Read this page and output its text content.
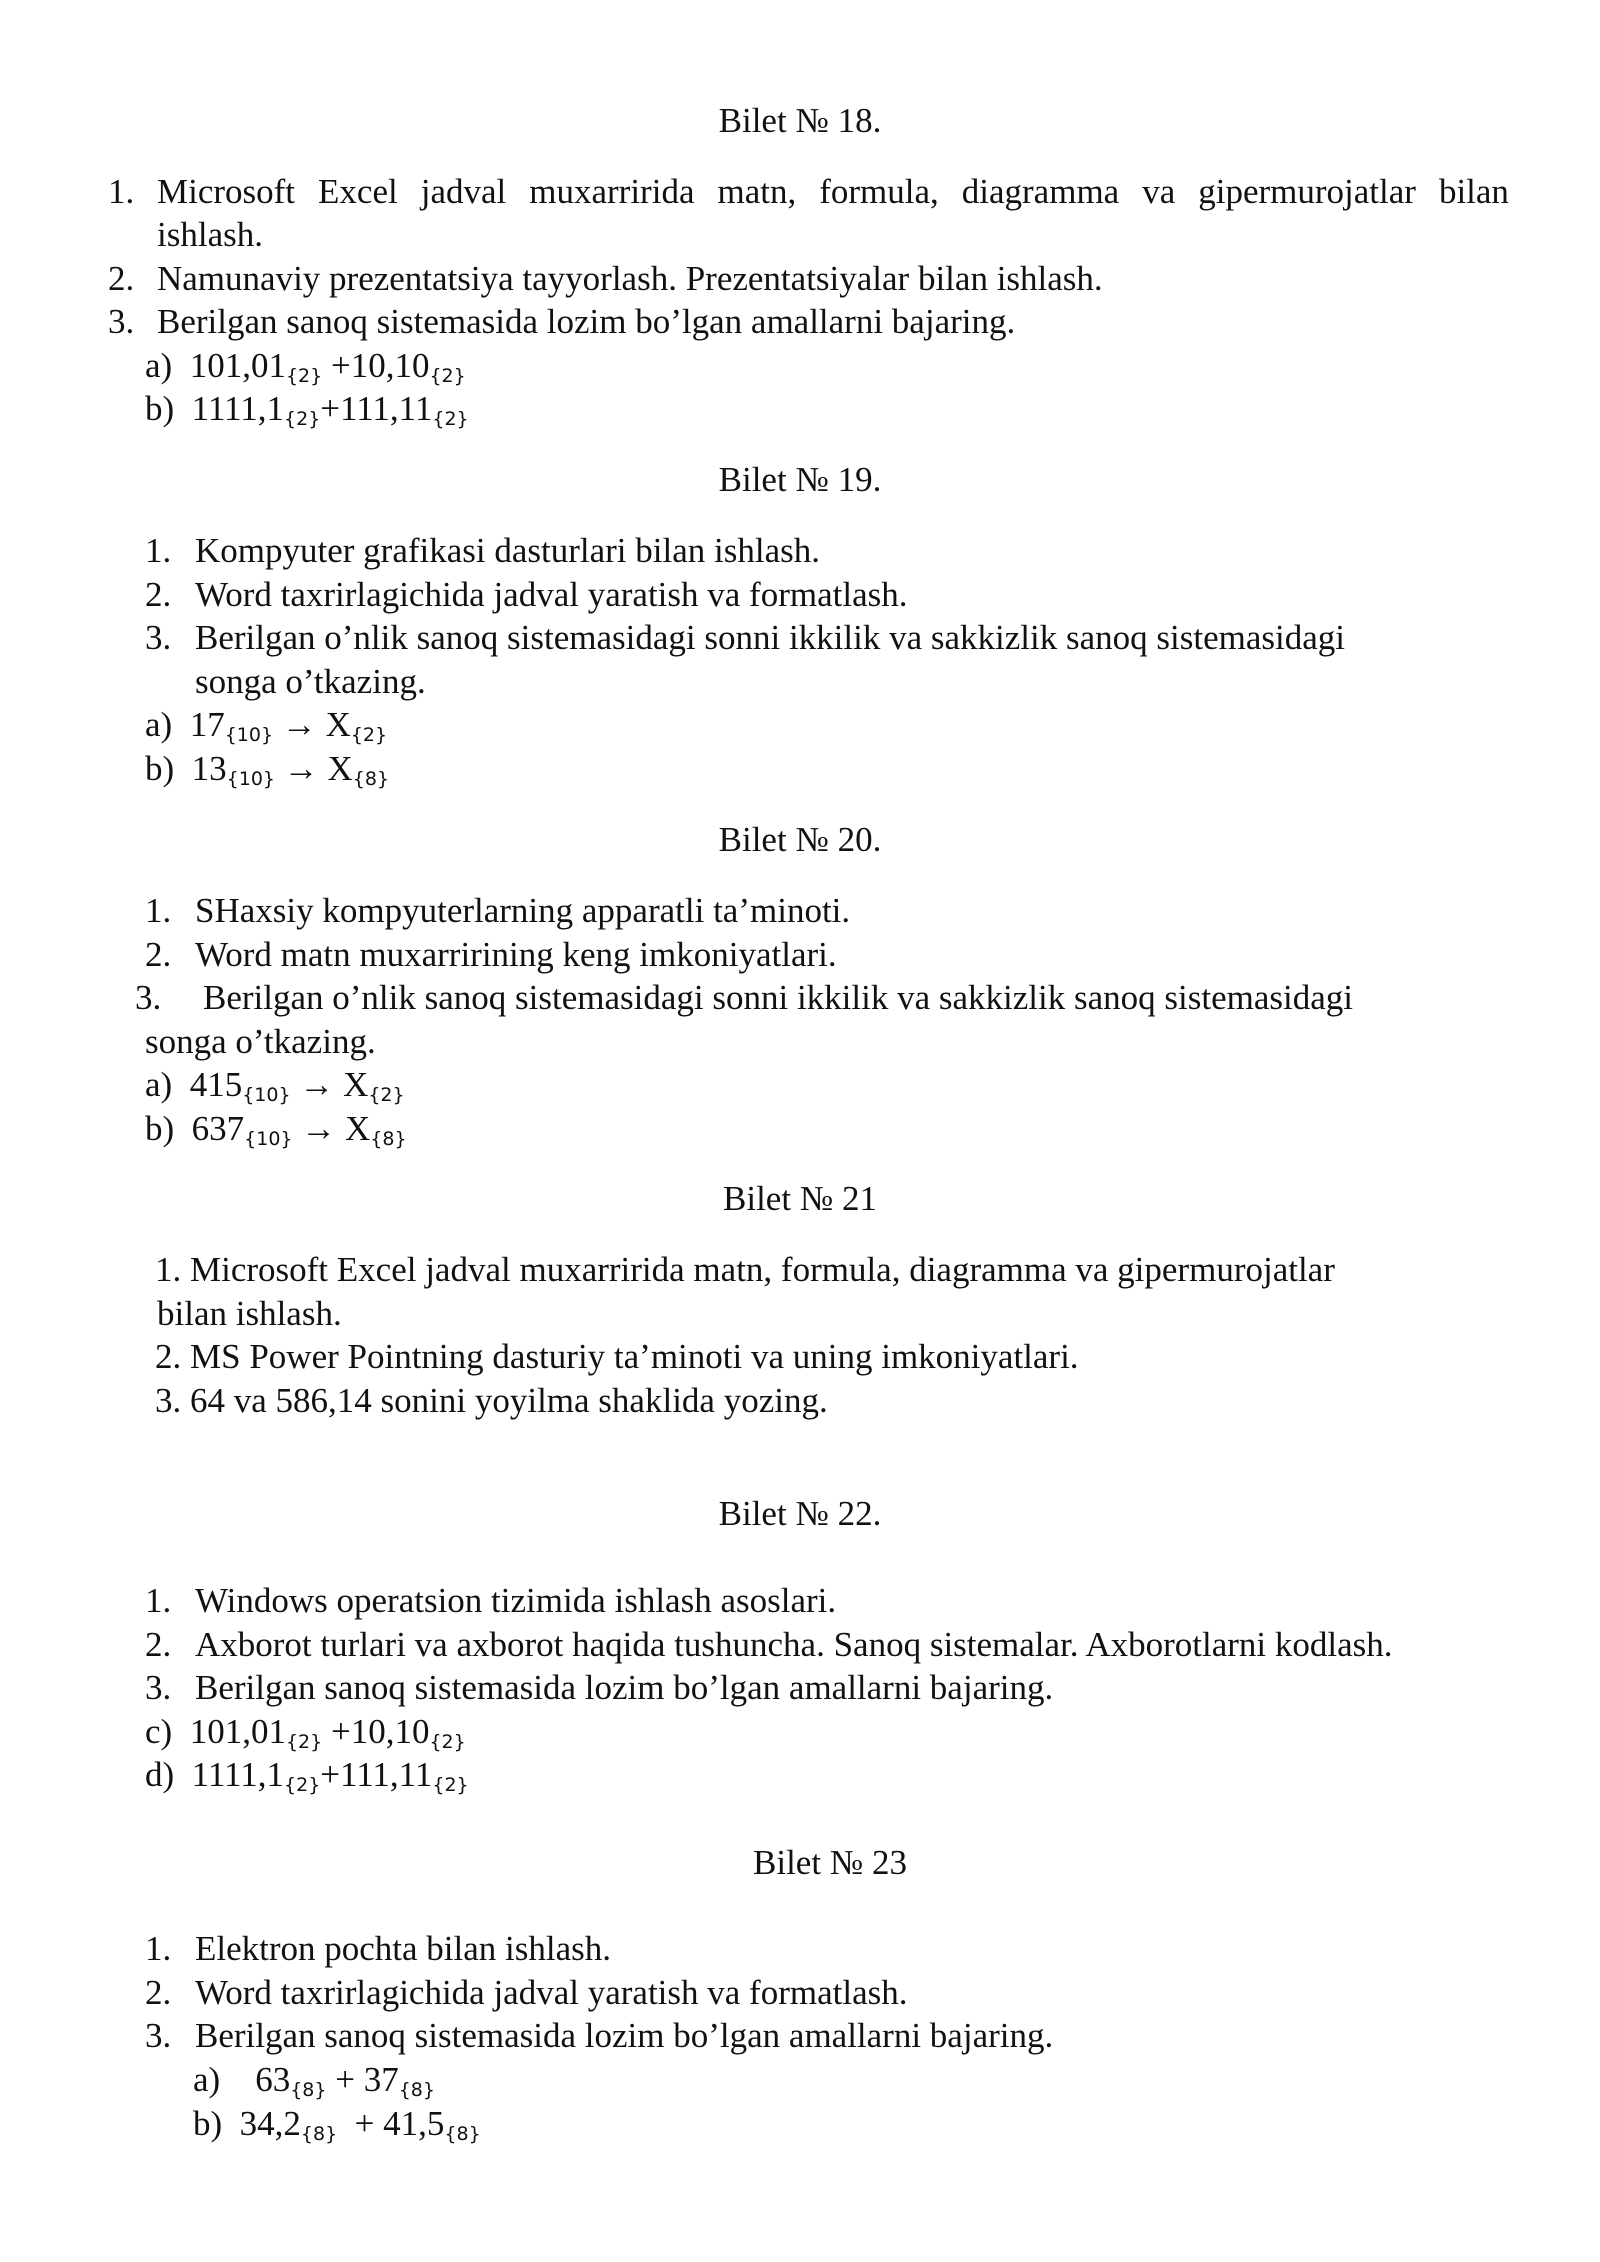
Bilet № 18.
1. Microsoft Excel jadval muxarririda matn, formula, diagramma va gipermurojatlar bilan
ishlash.
2. Namunaviy prezentatsiya tayyorlash. Prezentatsiyalar bilan ishlash.
3. Berilgan sanoq sistemasida lozim bo’lgan amallarni bajaring.
a) $101,01_{\{2\}} +10,10_{\{2\}}$
b) $1111,1_{\{2\}}+111,11_{\{2\}}$
Bilet № 19.
1. Kompyuter grafikasi dasturlari bilan ishlash.
2. Word taxrirlagichida jadval yaratish va formatlash.
3. Berilgan o’nlik sanoq sistemasidagi sonni ikkilik va sakkizlik sanoq sistemasidagi
songa o’tkazing.
a) $17_{\{10\}} \to X_{\{2\}}$
b) $13_{\{10\}} \to X_{\{8\}}$
Bilet № 20.
1. SHaxsiy kompyuterlarning apparatli ta’minoti.
2. Word matn muxarririning keng imkoniyatlari.
3. Berilgan o’nlik sanoq sistemasidagi sonni ikkilik va sakkizlik sanoq sistemasidagi
songa o’tkazing.
a) $415_{\{10\}} \to X_{\{2\}}$
b) $637_{\{10\}} \to X_{\{8\}}$
Bilet № 21
1. Microsoft Excel jadval muxarririda matn, formula, diagramma va gipermurojatlar
bilan ishlash.
2. MS Power Pointning dasturiy ta’minoti va uning imkoniyatlari.
3. 64 va 586,14 sonini yoyilma shaklida yozing.
Bilet № 22.
1. Windows operatsion tizimida ishlash asoslari.
2. Axborot turlari va axborot haqida tushuncha. Sanoq sistemalar. Axborotlarni kodlash.
3. Berilgan sanoq sistemasida lozim bo’lgan amallarni bajaring.
c) $101,01_{\{2\}} +10,10_{\{2\}}$
d) $1111,1_{\{2\}}+111,11_{\{2\}}$
Bilet № 23
1. Elektron pochta bilan ishlash.
2. Word taxrirlagichida jadval yaratish va formatlash.
3. Berilgan sanoq sistemasida lozim bo’lgan amallarni bajaring.
a) $63_{\{8\}} + 37_{\{8\}}$
b) $34,2_{\{8\}} + 41,5_{\{8\}}$
